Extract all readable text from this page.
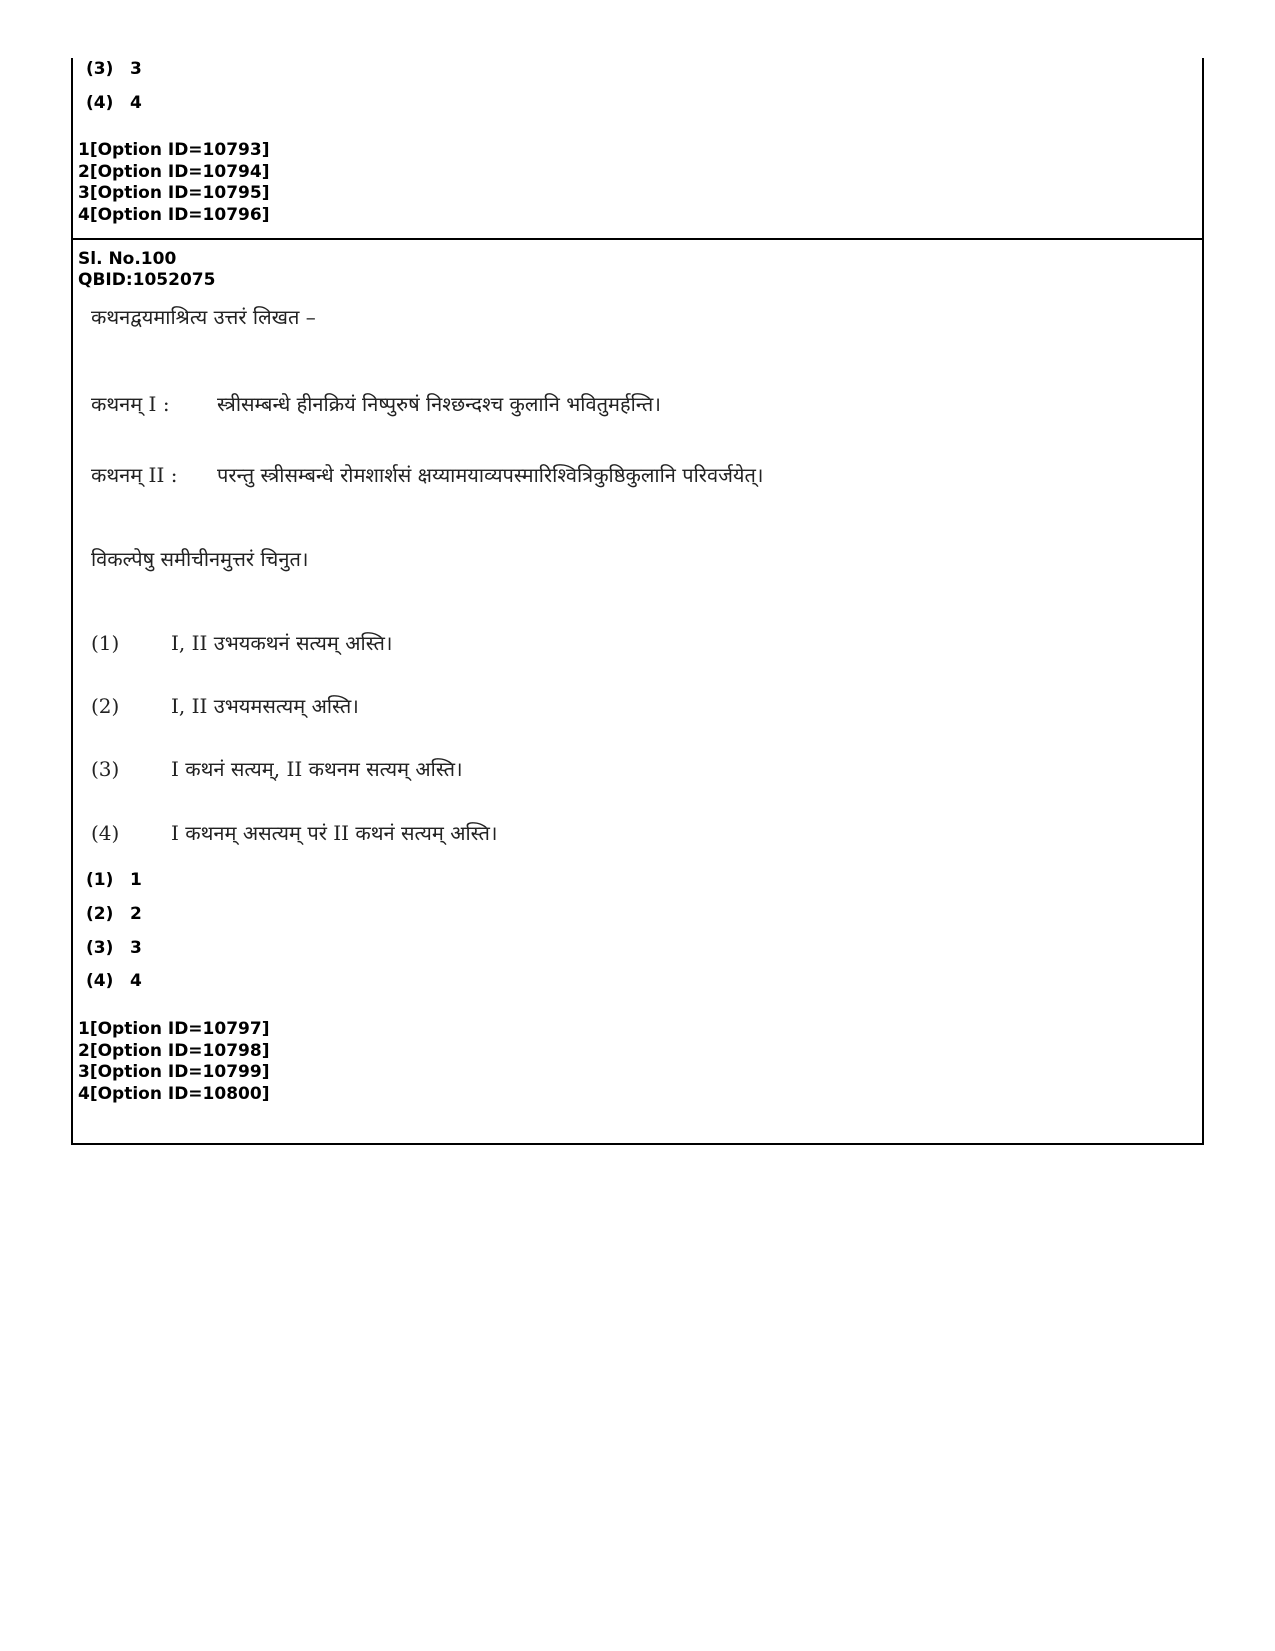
(3) 3
(4) 4
1[Option ID=10793]
2[Option ID=10794]
3[Option ID=10795]
4[Option ID=10796]
Sl. No.100
QBID:1052075
कथनद्वयमाश्रित्य उत्तरं लिखत –
कथनम् I : स्त्रीसम्बन्धे हीनक्रियं निष्पुरुषं निश्छन्दश्च कुलानि भवितुमर्हन्ति।
कथनम् II : परन्तु स्त्रीसम्बन्धे रोमशार्शसं क्षय्यामयाव्यपस्मारिश्वित्रिकुष्ठिकुलानि परिवर्जयेत्।
विकल्पेषु समीचीनमुत्तरं चिनुत।
(1)	I, II उभयकथनं सत्यम् अस्ति।
(2)	I, II उभयमसत्यम् अस्ति।
(3)	I कथनं सत्यम्, II कथनम सत्यम् अस्ति।
(4)	I कथनम् असत्यम् परं II कथनं सत्यम् अस्ति।
(1) 1
(2) 2
(3) 3
(4) 4
1[Option ID=10797]
2[Option ID=10798]
3[Option ID=10799]
4[Option ID=10800]
